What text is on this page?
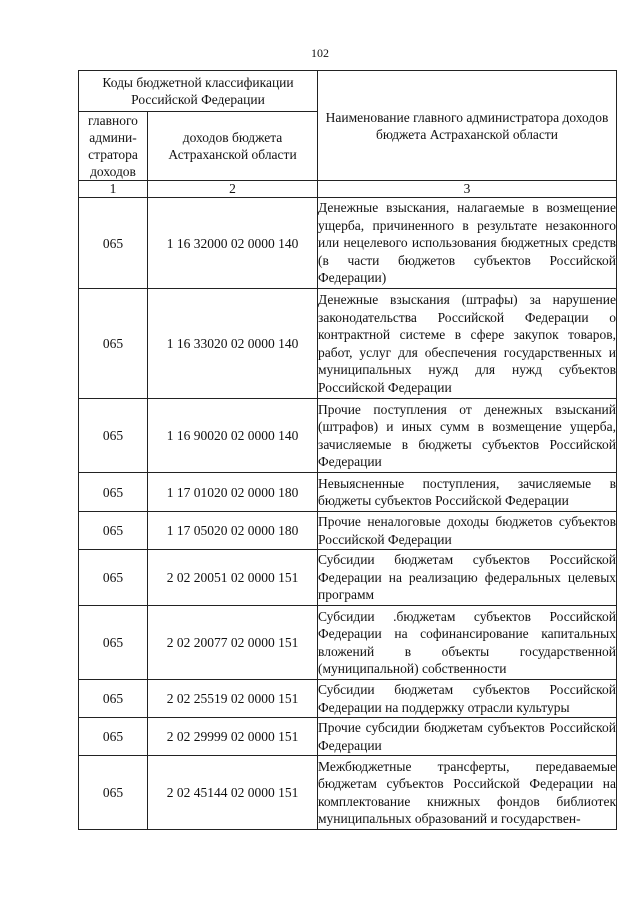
102
Коды бюджетной классификации Российской Федерации		Наименование главного администратора доходов бюджета Астраханской области
главного админи-стратора доходов	доходов бюджета Астраханской области	
1	2	3
065	1 16 32000 02 0000 140	Денежные взыскания, налагаемые в возмещение ущерба, причиненного в результате незаконного или нецелевого использования бюджетных средств (в части бюджетов субъектов Российской Федерации)
065	1 16 33020 02 0000 140	Денежные взыскания (штрафы) за нарушение законодательства Российской Федерации о контрактной системе в сфере закупок товаров, работ, услуг для обеспечения государственных и муниципальных нужд для нужд субъектов Российской Федерации
065	1 16 90020 02 0000 140	Прочие поступления от денежных взысканий (штрафов) и иных сумм в возмещение ущерба, зачисляемые в бюджеты субъектов Российской Федерации
065	1 17 01020 02 0000 180	Невыясненные поступления, зачисляемые в бюджеты субъектов Российской Федерации
065	1 17 05020 02 0000 180	Прочие неналоговые доходы бюджетов субъектов Российской Федерации
065	2 02 20051 02 0000 151	Субсидии бюджетам субъектов Российской Федерации на реализацию федеральных целевых программ
065	2 02 20077 02 0000 151	Субсидии .бюджетам субъектов Российской Федерации на софинансирование капитальных вложений в объекты государственной (муниципальной) собственности
065	2 02 25519 02 0000 151	Субсидии бюджетам субъектов Российской Федерации на поддержку отрасли культуры
065	2 02 29999 02 0000 151	Прочие субсидии бюджетам субъектов Российской Федерации
065	2 02 45144 02 0000 151	Межбюджетные трансферты, передаваемые бюджетам субъектов Российской Федерации на комплектование книжных фондов библиотек муниципальных образований и государствен-
